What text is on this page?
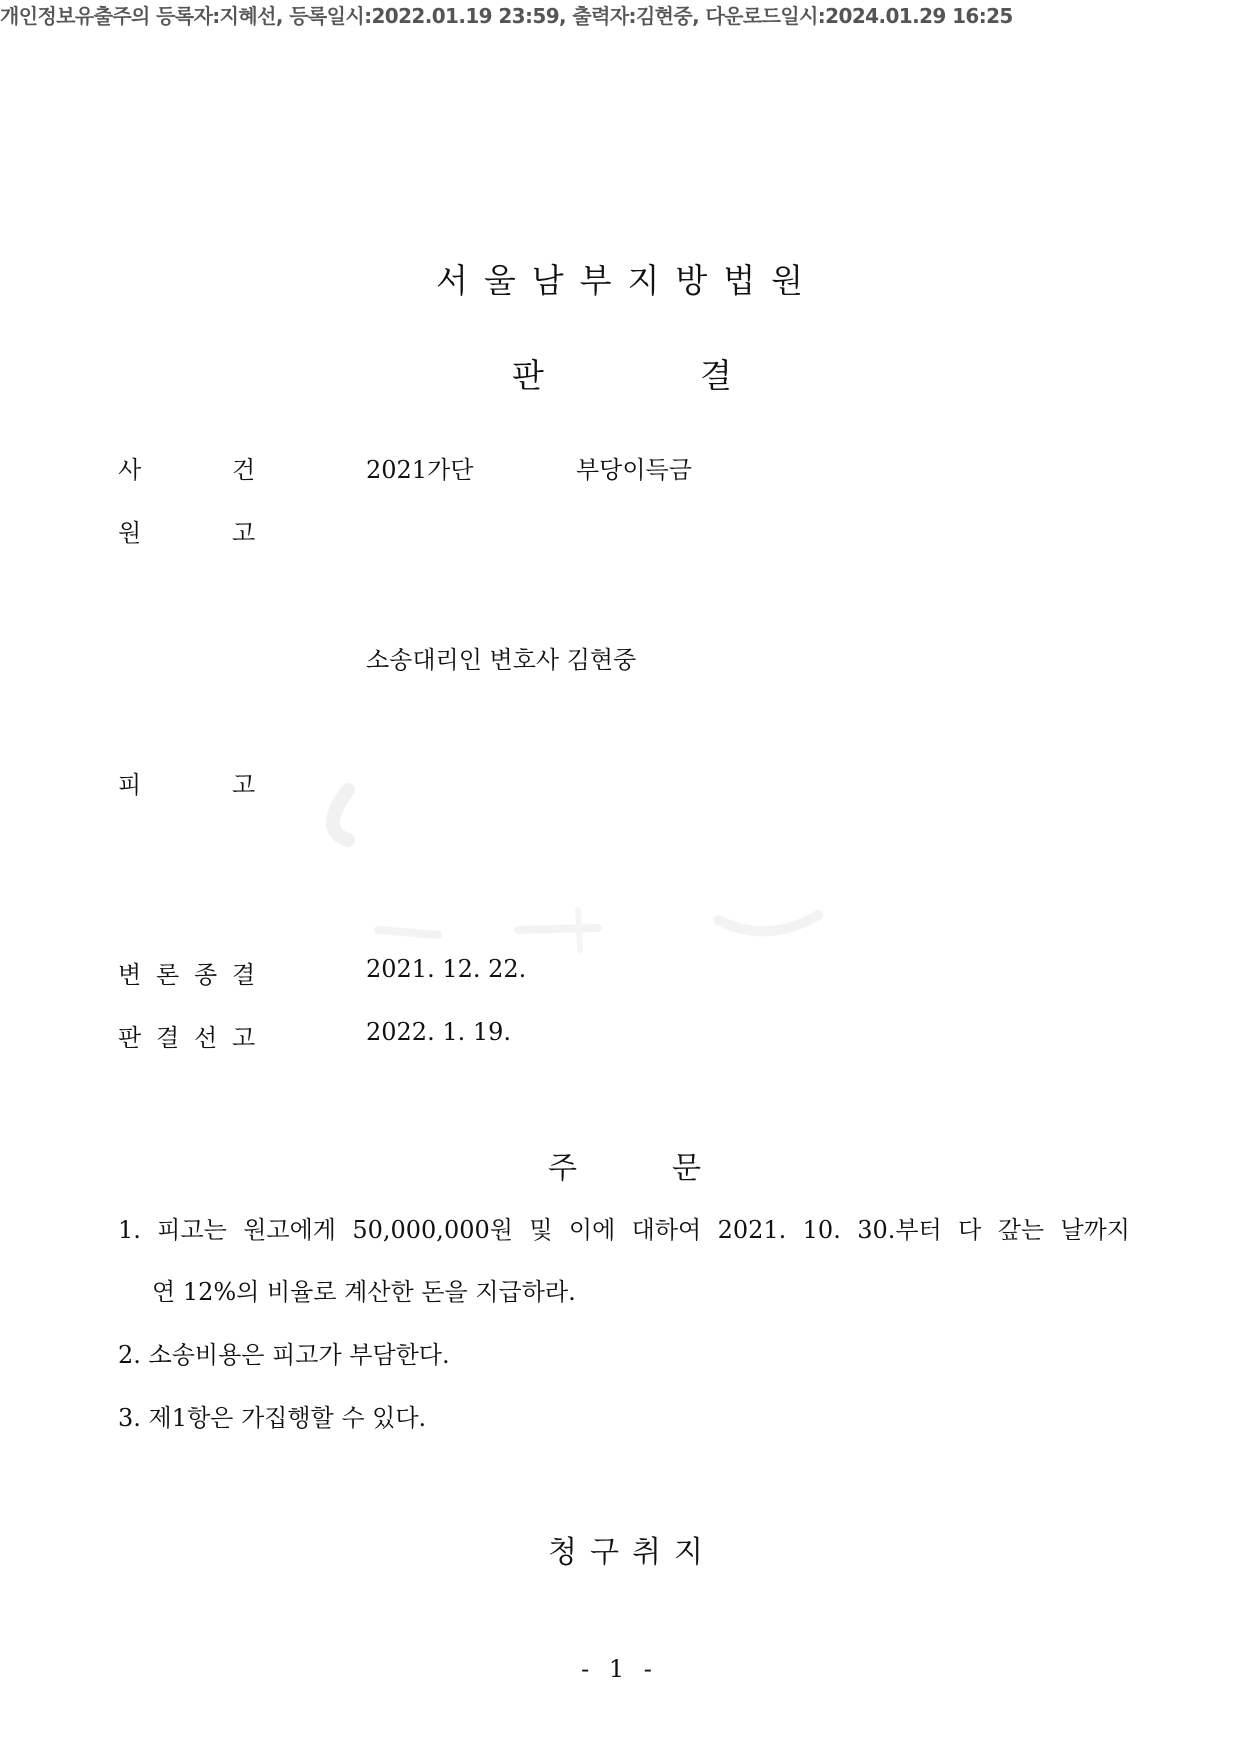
개인정보유출주의 등록자:지혜선, 등록일시:2022.01.19 23:59, 출력자:김현중, 다운로드일시:2024.01.29 16:25
서울남부지방법원
판	결
사	건	2021가단	부당이득금
원	고
소송대리인 변호사 김현중
피	고
변 론 종 결	2021. 12. 22.
판 결 선 고	2022. 1. 19.
주	문
1. 피고는 원고에게 50,000,000원 및 이에 대하여 2021. 10. 30.부터 다 갚는 날까지
연 12%의 비율로 계산한 돈을 지급하라.
2. 소송비용은 피고가 부담한다.
3. 제1항은 가집행할 수 있다.
청 구 취 지
- 1 -
